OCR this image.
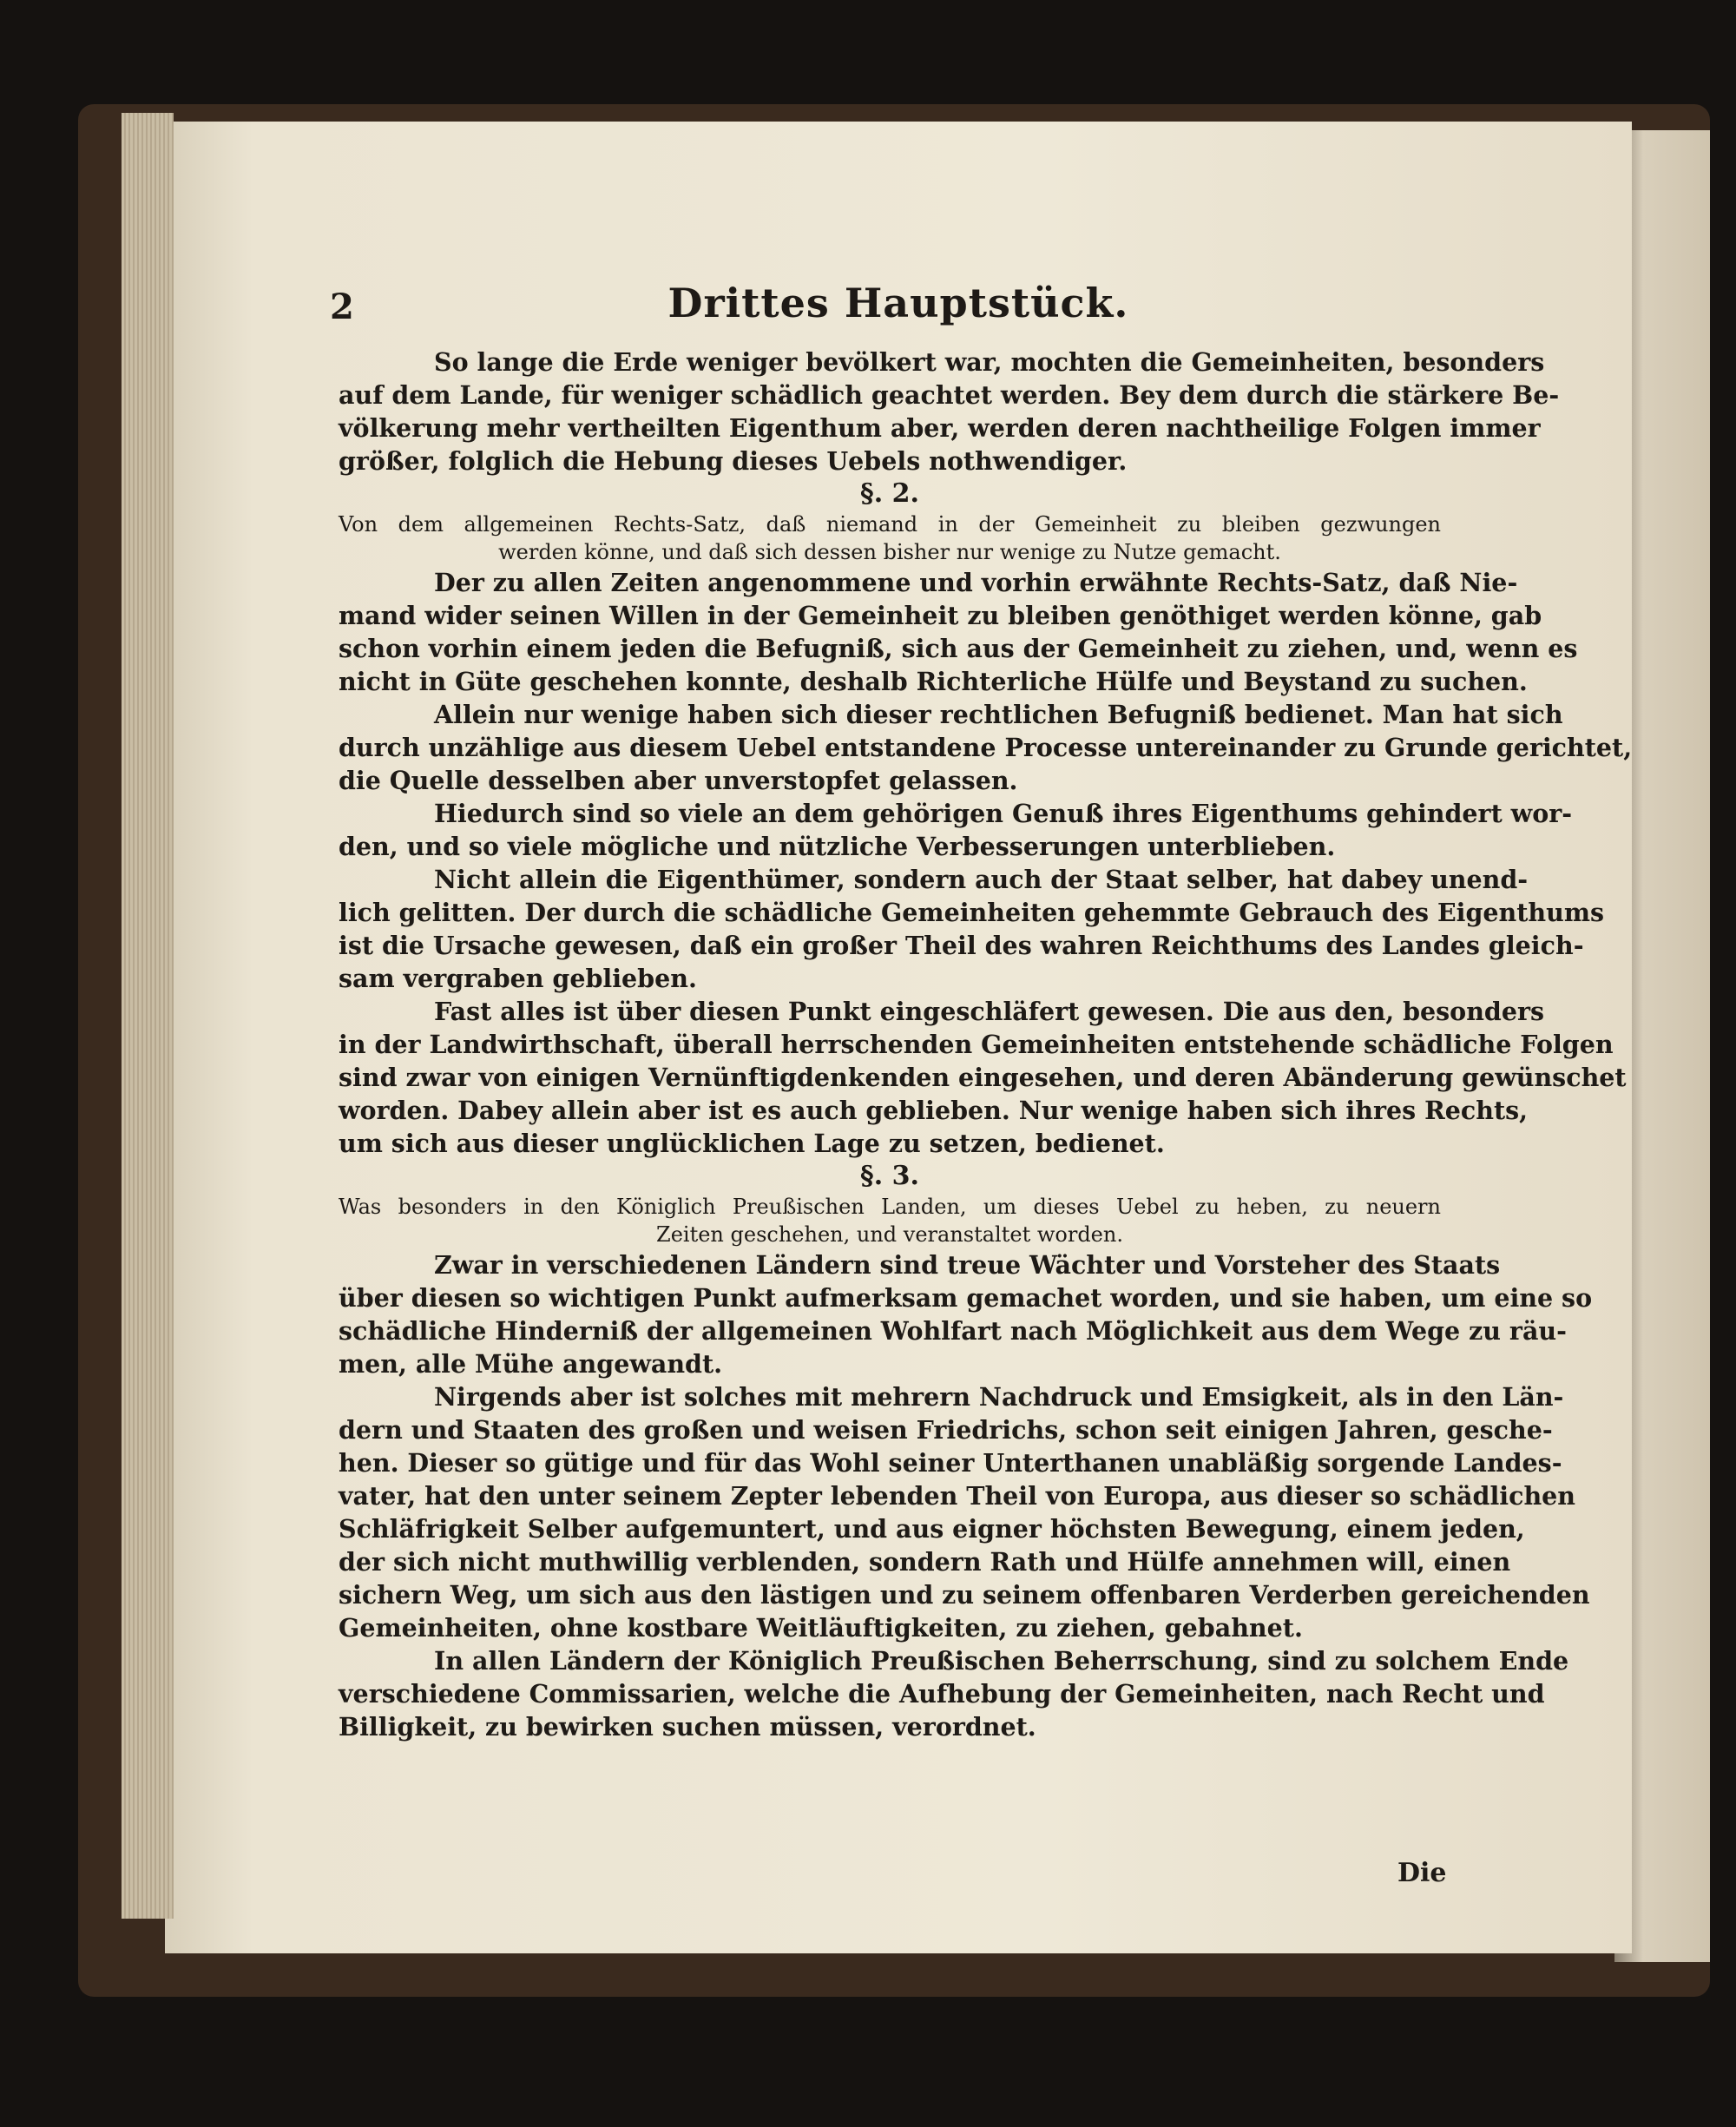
2	Drittes Hauptstück.
So lange die Erde weniger bevölkert war, mochten die Gemeinheiten, besonders
auf dem Lande, für weniger schädlich geachtet werden. Bey dem durch die stärkere Be-
völkerung mehr vertheilten Eigenthum aber, werden deren nachtheilige Folgen immer
größer, folglich die Hebung dieses Uebels nothwendiger.
§. 2.
Von dem allgemeinen Rechts-Satz, daß niemand in der Gemeinheit zu bleiben gezwungen
werden könne, und daß sich dessen bisher nur wenige zu Nutze gemacht.
Der zu allen Zeiten angenommene und vorhin erwähnte Rechts-Satz, daß Nie-
mand wider seinen Willen in der Gemeinheit zu bleiben genöthiget werden könne, gab
schon vorhin einem jeden die Befugniß, sich aus der Gemeinheit zu ziehen, und, wenn es
nicht in Güte geschehen konnte, deshalb Richterliche Hülfe und Beystand zu suchen.
Allein nur wenige haben sich dieser rechtlichen Befugniß bedienet. Man hat sich
durch unzählige aus diesem Uebel entstandene Processe untereinander zu Grunde gerichtet,
die Quelle desselben aber unverstopfet gelassen.
Hiedurch sind so viele an dem gehörigen Genuß ihres Eigenthums gehindert wor-
den, und so viele mögliche und nützliche Verbesserungen unterblieben.
Nicht allein die Eigenthümer, sondern auch der Staat selber, hat dabey unend-
lich gelitten. Der durch die schädliche Gemeinheiten gehemmte Gebrauch des Eigenthums
ist die Ursache gewesen, daß ein großer Theil des wahren Reichthums des Landes gleich-
sam vergraben geblieben.
Fast alles ist über diesen Punkt eingeschläfert gewesen. Die aus den, besonders
in der Landwirthschaft, überall herrschenden Gemeinheiten entstehende schädliche Folgen
sind zwar von einigen Vernünftigdenkenden eingesehen, und deren Abänderung gewünschet
worden. Dabey allein aber ist es auch geblieben. Nur wenige haben sich ihres Rechts,
um sich aus dieser unglücklichen Lage zu setzen, bedienet.
§. 3.
Was besonders in den Königlich Preußischen Landen, um dieses Uebel zu heben, zu neuern
Zeiten geschehen, und veranstaltet worden.
Zwar in verschiedenen Ländern sind treue Wächter und Vorsteher des Staats
über diesen so wichtigen Punkt aufmerksam gemachet worden, und sie haben, um eine so
schädliche Hinderniß der allgemeinen Wohlfart nach Möglichkeit aus dem Wege zu räu-
men, alle Mühe angewandt.
Nirgends aber ist solches mit mehrern Nachdruck und Emsigkeit, als in den Län-
dern und Staaten des großen und weisen Friedrichs, schon seit einigen Jahren, gesche-
hen. Dieser so gütige und für das Wohl seiner Unterthanen unabläßig sorgende Landes-
vater, hat den unter seinem Zepter lebenden Theil von Europa, aus dieser so schädlichen
Schläfrigkeit Selber aufgemuntert, und aus eigner höchsten Bewegung, einem jeden,
der sich nicht muthwillig verblenden, sondern Rath und Hülfe annehmen will, einen
sichern Weg, um sich aus den lästigen und zu seinem offenbaren Verderben gereichenden
Gemeinheiten, ohne kostbare Weitläuftigkeiten, zu ziehen, gebahnet.
In allen Ländern der Königlich Preußischen Beherrschung, sind zu solchem Ende
verschiedene Commissarien, welche die Aufhebung der Gemeinheiten, nach Recht und
Billigkeit, zu bewirken suchen müssen, verordnet.
Die
